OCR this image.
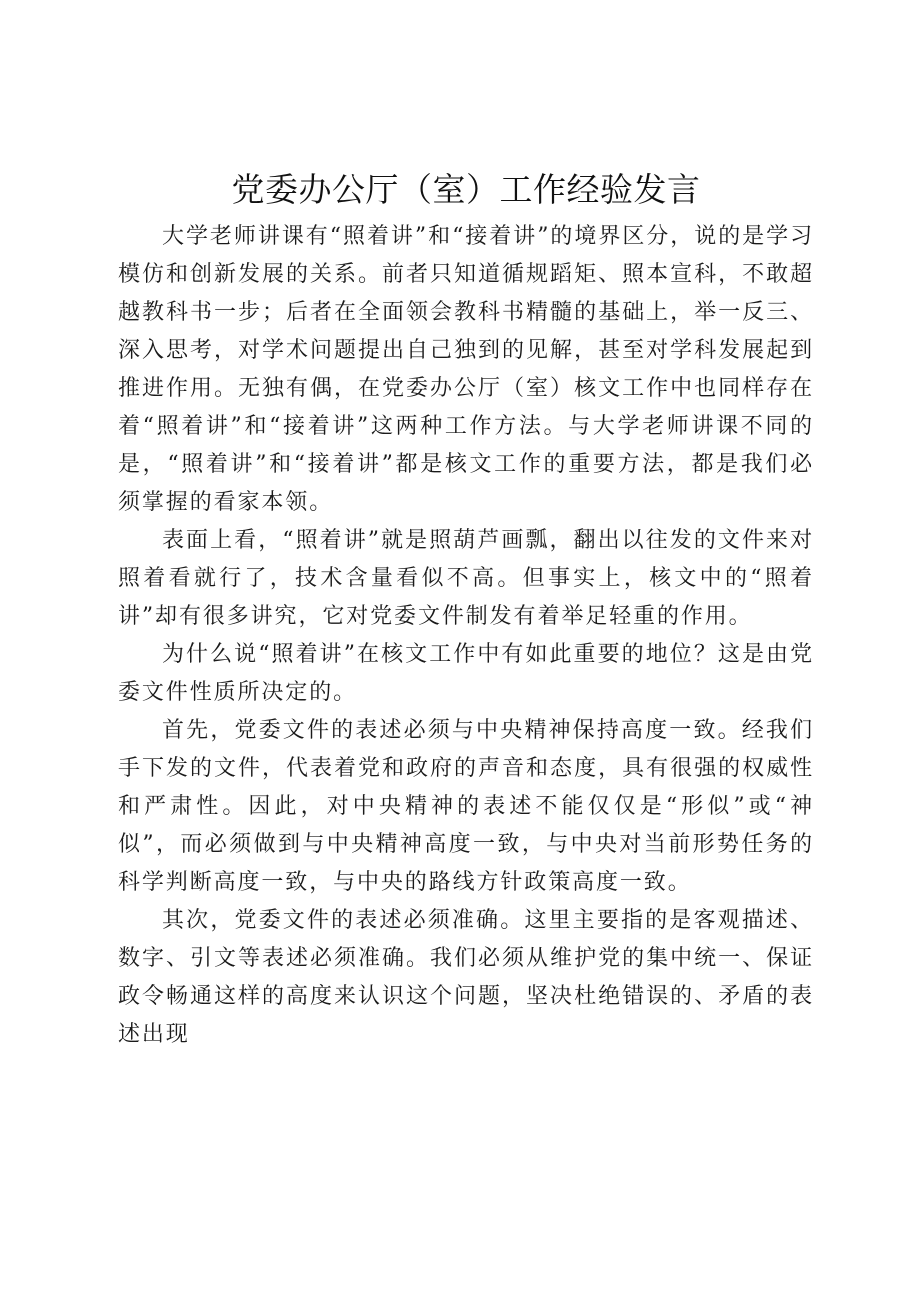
党委办公厅（室）工作经验发言

大学老师讲课有“照着讲”和“接着讲”的境界区分，说的是学习模仿和创新发展的关系。前者只知道循规蹈矩、照本宣科，不敢超越教科书一步；后者在全面领会教科书精髓的基础上，举一反三、深入思考，对学术问题提出自己独到的见解，甚至对学科发展起到推进作用。无独有偶，在党委办公厅（室）核文工作中也同样存在着“照着讲”和“接着讲”这两种工作方法。与大学老师讲课不同的是，“照着讲”和“接着讲”都是核文工作的重要方法，都是我们必须掌握的看家本领。

表面上看，“照着讲”就是照葫芦画瓢，翻出以往发的文件来对照着看就行了，技术含量看似不高。但事实上，核文中的“照着讲”却有很多讲究，它对党委文件制发有着举足轻重的作用。

为什么说“照着讲”在核文工作中有如此重要的地位？这是由党委文件性质所决定的。

首先，党委文件的表述必须与中央精神保持高度一致。经我们手下发的文件，代表着党和政府的声音和态度，具有很强的权威性和严肃性。因此，对中央精神的表述不能仅仅是“形似”或“神似”，而必须做到与中央精神高度一致，与中央对当前形势任务的科学判断高度一致，与中央的路线方针政策高度一致。

其次，党委文件的表述必须准确。这里主要指的是客观描述、数字、引文等表述必须准确。我们必须从维护党的集中统一、保证政令畅通这样的高度来认识这个问题，坚决杜绝错误的、矛盾的表述出现
